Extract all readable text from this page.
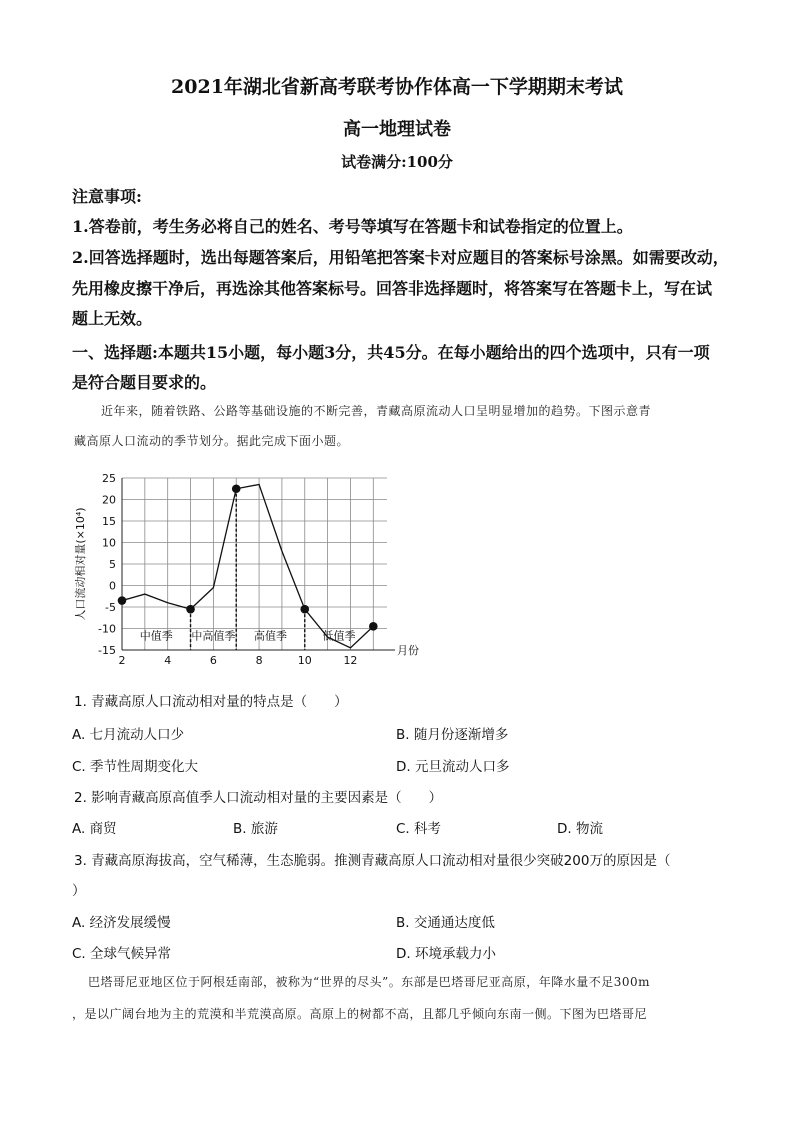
2021年湖北省新高考联考协作体高一下学期期末考试
高一地理试卷
试卷满分:100分
注意事项:
1.答卷前，考生务必将自己的姓名、考号等填写在答题卡和试卷指定的位置上。
2.回答选择题时，选出每题答案后，用铅笔把答案卡对应题目的答案标号涂黑。如需要改动，
先用橡皮擦干净后，再选涂其他答案标号。回答非选择题时，将答案写在答题卡上，写在试
题上无效。
一、选择题:本题共15小题，每小题3分，共45分。在每小题给出的四个选项中，只有一项
是符合题目要求的。
近年来，随着铁路、公路等基础设施的不断完善，青藏高原流动人口呈明显增加的趋势。下图示意青
藏高原人口流动的季节划分。据此完成下面小题。
25
20
15
10
5
0
-5
-10
-15
2	4	6	8	10	12
月份
人口流动相对量(×10⁴)
中值季 中高值季 高值季	低值季
1. 青藏高原人口流动相对量的特点是（　　）
A. 七月流动人口少	B. 随月份逐渐增多
C. 季节性周期变化大	D. 元旦流动人口多
2. 影响青藏高原高值季人口流动相对量的主要因素是（　　）
A. 商贸	B. 旅游	C. 科考	D. 物流
3. 青藏高原海拔高，空气稀薄，生态脆弱。推测青藏高原人口流动相对量很少突破200万的原因是（
）
A. 经济发展缓慢	B. 交通通达度低
C. 全球气候异常	D. 环境承载力小
巴塔哥尼亚地区位于阿根廷南部，被称为“世界的尽头”。东部是巴塔哥尼亚高原，年降水量不足300m
，是以广阔台地为主的荒漠和半荒漠高原。高原上的树都不高，且都几乎倾向东南一侧。下图为巴塔哥尼
